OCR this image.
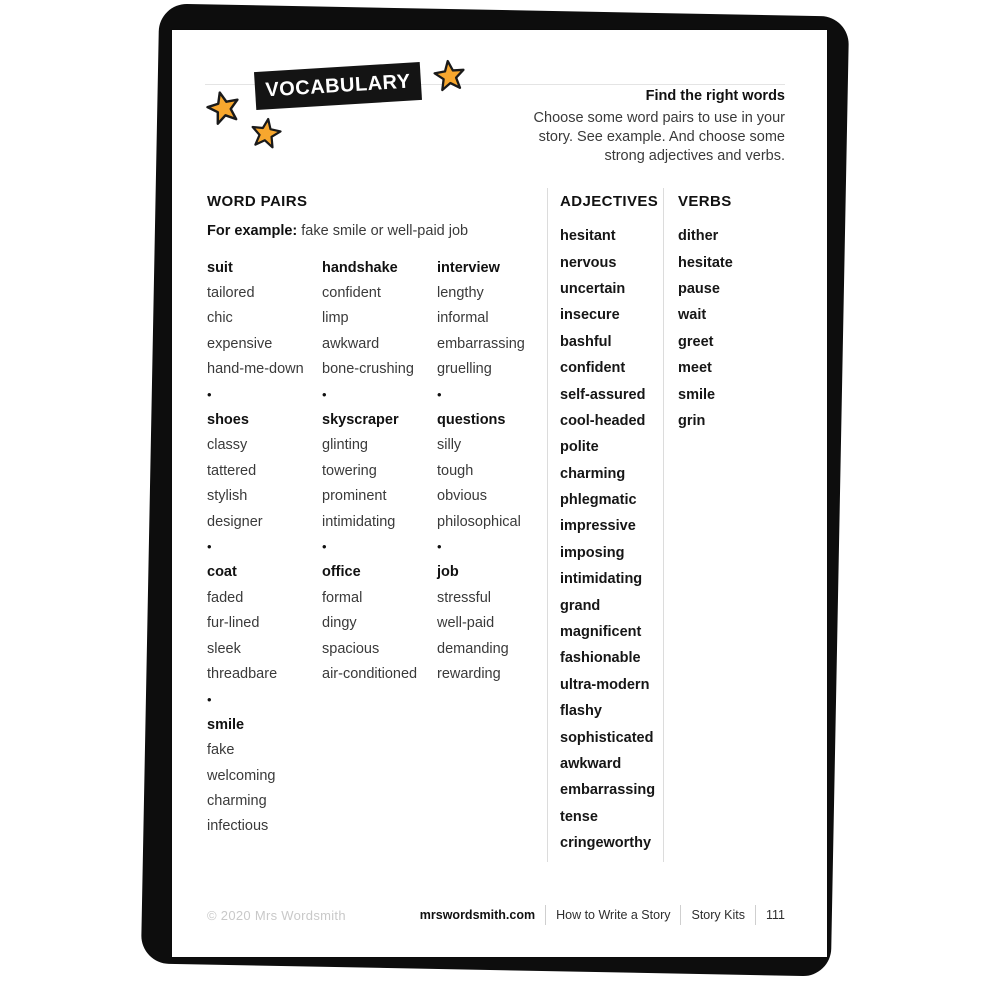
VOCABULARY	Find the right words
Choose some word pairs to use in your
story. See example. And choose some
strong adjectives and verbs.
WORD PAIRS
For example: fake smile or well-paid job
suit
tailored
chic
expensive
hand-me-down
•
shoes
classy
tattered
stylish
designer
•
coat
faded
fur-lined
sleek
threadbare
•
smile
fake
welcoming
charming
infectious
handshake
confident
limp
awkward
bone-crushing
•
skyscraper
glinting
towering
prominent
intimidating
•
office
formal
dingy
spacious
air-conditioned
interview
lengthy
informal
embarrassing
gruelling
•
questions
silly
tough
obvious
philosophical
•
job
stressful
well-paid
demanding
rewarding
ADJECTIVES
hesitant
nervous
uncertain
insecure
bashful
confident
self-assured
cool-headed
polite
charming
phlegmatic
impressive
imposing
intimidating
grand
magnificent
fashionable
ultra-modern
flashy
sophisticated
awkward
embarrassing
tense
cringeworthy
VERBS
dither
hesitate
pause
wait
greet
meet
smile
grin
© 2020 Mrs Wordsmith	mrswordsmith.com How to Write a Story Story Kits 111
